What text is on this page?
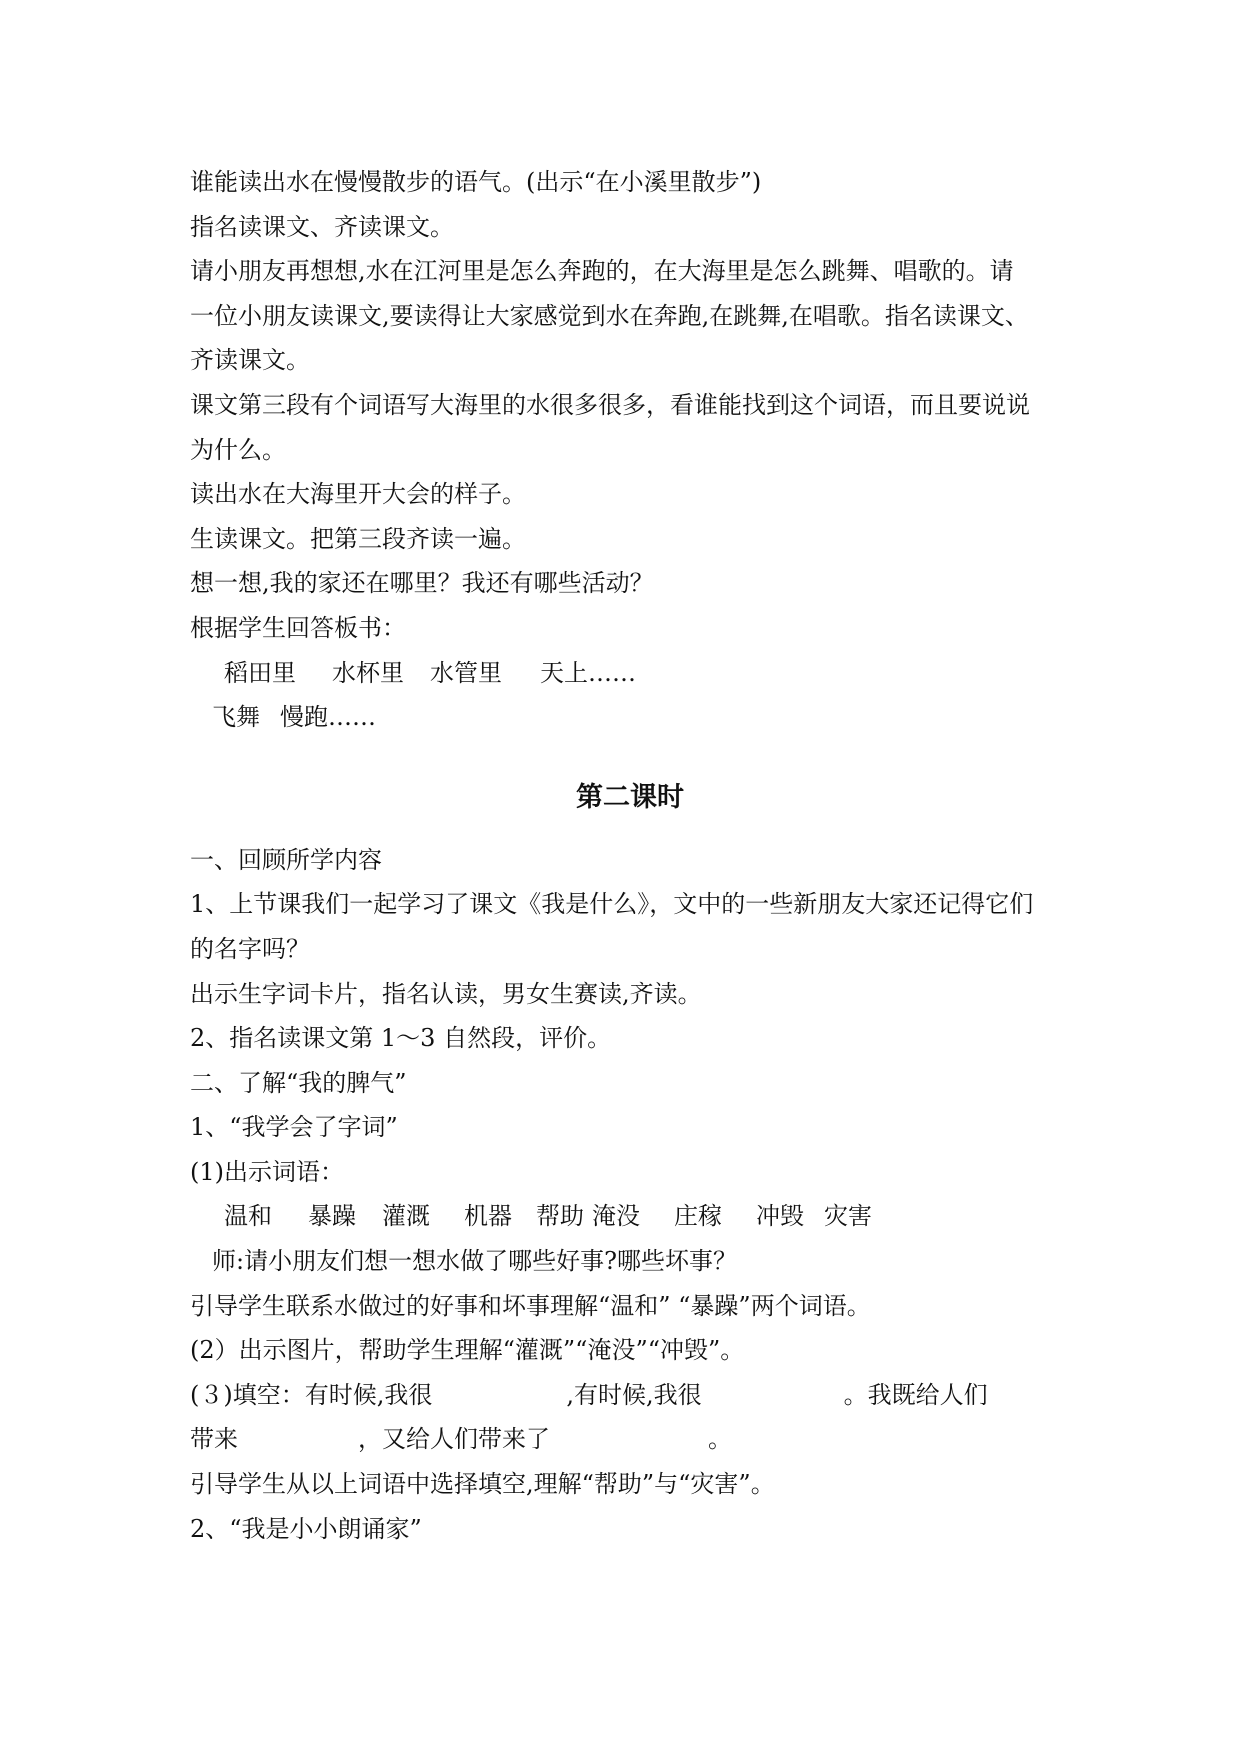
谁能读出水在慢慢散步的语气。(出示“在小溪里散步”)
指名读课文、齐读课文。
请小朋友再想想,水在江河里是怎么奔跑的，在大海里是怎么跳舞、唱歌的。请
一位小朋友读课文,要读得让大家感觉到水在奔跑,在跳舞,在唱歌。指名读课文、
齐读课文。
课文第三段有个词语写大海里的水很多很多，看谁能找到这个词语，而且要说说
为什么。
读出水在大海里开大会的样子。
生读课文。把第三段齐读一遍。
想一想,我的家还在哪里？我还有哪些活动？
根据学生回答板书：
稻田里 水杯里 水管里 天上……
飞舞 慢跑……
第二课时
一、回顾所学内容
1、上节课我们一起学习了课文《我是什么》，文中的一些新朋友大家还记得它们
的名字吗？
出示生字词卡片，指名认读，男女生赛读,齐读。
2、指名读课文第 1～3 自然段，评价。
二、了解“我的脾气”
1、“我学会了字词”
(1)出示词语：
温和 暴躁 灌溉 机器 帮助 淹没 庄稼 冲毁 灾害
师:请小朋友们想一想水做了哪些好事?哪些坏事？
引导学生联系水做过的好事和坏事理解“温和” “暴躁”两个词语。
(2）出示图片，帮助学生理解“灌溉”“淹没”“冲毁”。
(３)填空：有时候,我很	,有时候,我很	。我既给人们
带来	，又给人们带来了	。
引导学生从以上词语中选择填空,理解“帮助”与“灾害”。
2、“我是小小朗诵家”
